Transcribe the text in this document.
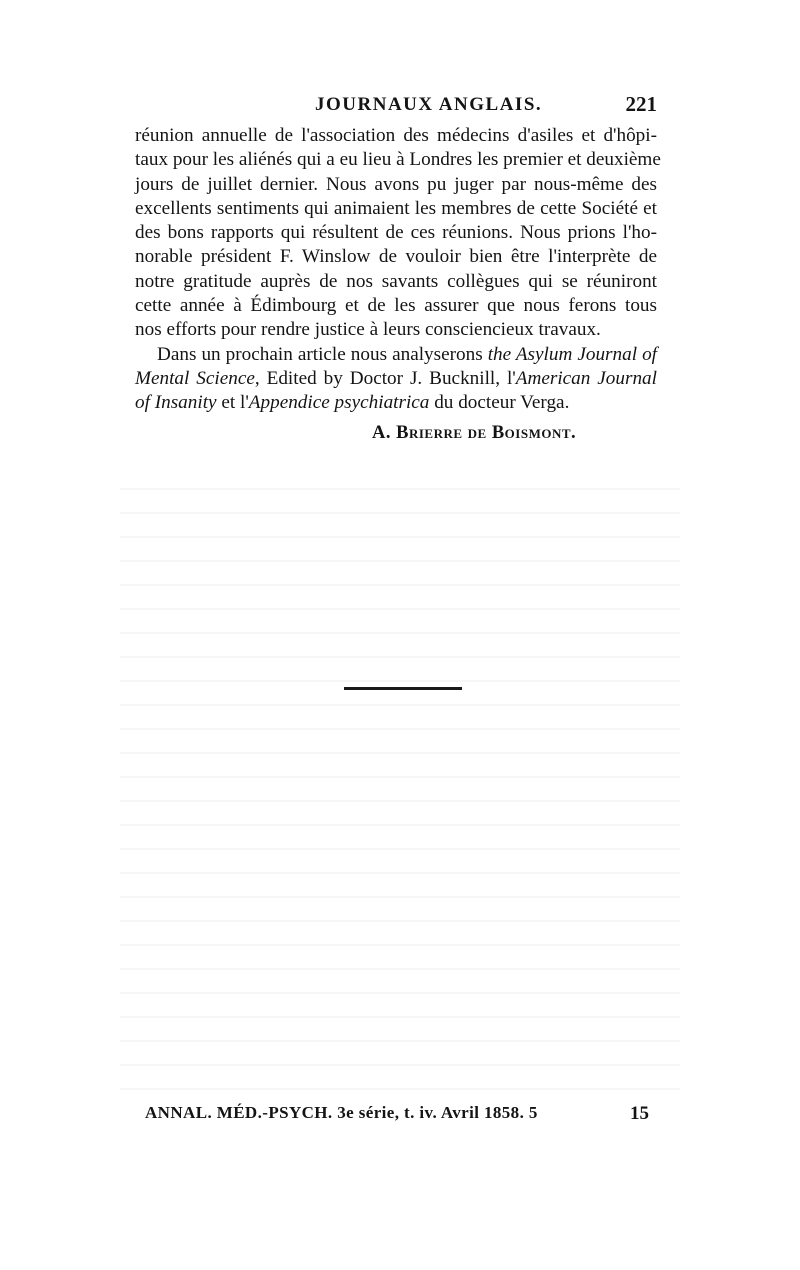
JOURNAUX ANGLAIS.	221

réunion annuelle de l'association des médecins d'asiles et d'hôpi-
taux pour les aliénés qui a eu lieu à Londres les premier et deuxième
jours de juillet dernier. Nous avons pu juger par nous-même des
excellents sentiments qui animaient les membres de cette Société et
des bons rapports qui résultent de ces réunions. Nous prions l'ho-
norable président F. Winslow de vouloir bien être l'interprète de
notre gratitude auprès de nos savants collègues qui se réuniront
cette année à Édimbourg et de les assurer que nous ferons tous
nos efforts pour rendre justice à leurs consciencieux travaux.

Dans un prochain article nous analyserons the Asylum Journal of
Mental Science, Edited by Doctor J. Bucknill, l'American Journal
of Insanity et l'Appendice psychiatrica du docteur Verga.

A. Brierre de Boismont.
ANNAL. MÉD.-PSYCH. 3e série, t. iv. Avril 1858. 5	15
